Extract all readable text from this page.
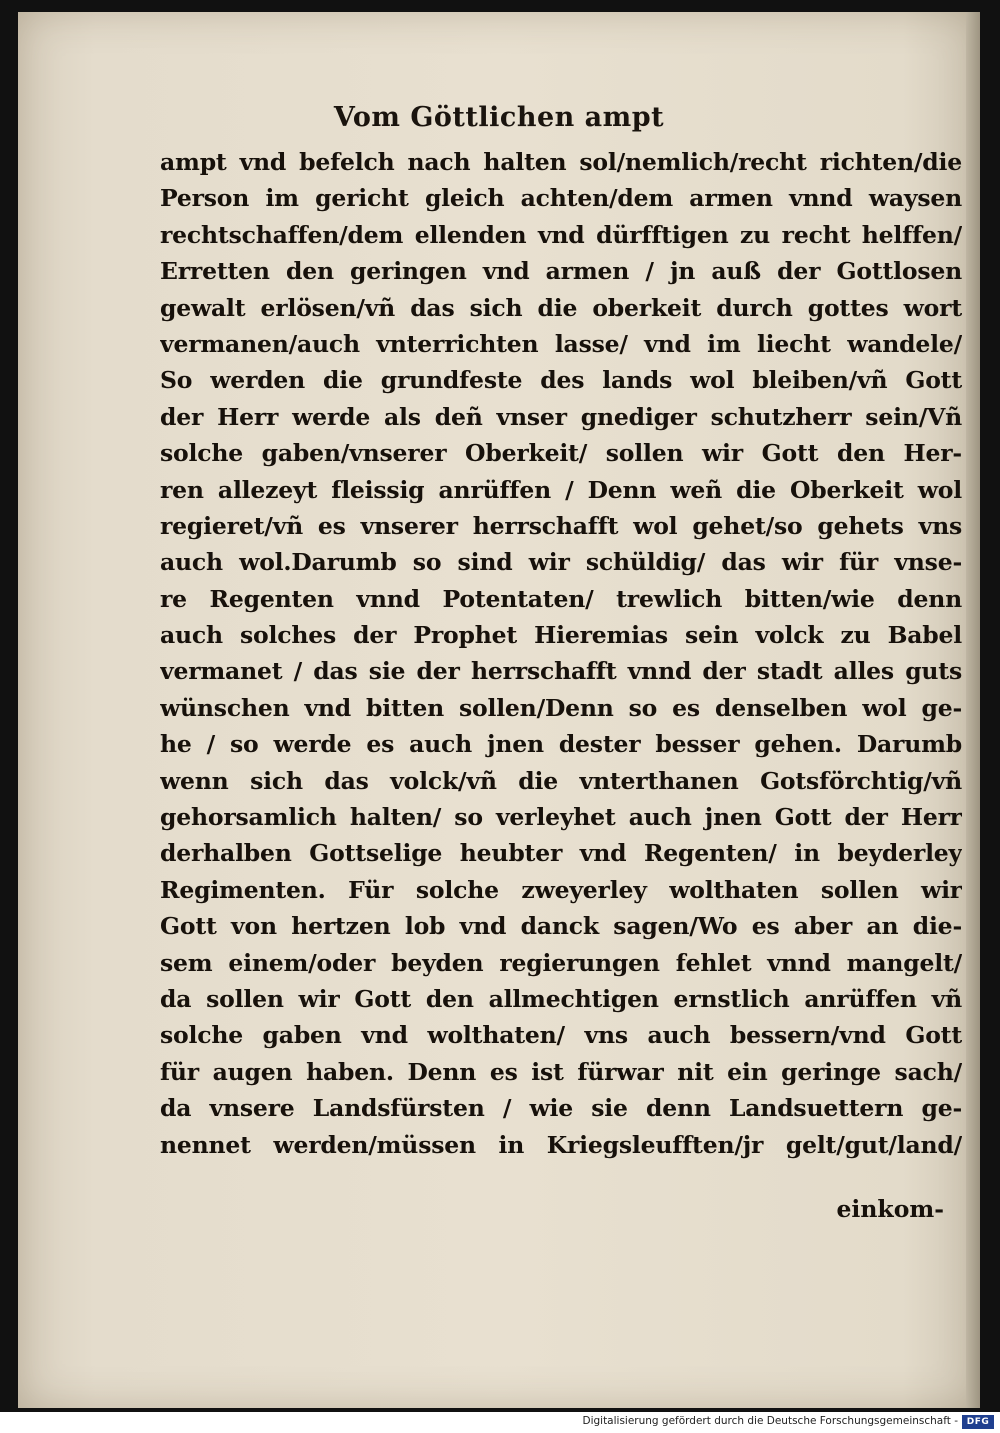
Vom Göttlichen ampt
ampt vnd befelch nach halten sol/nemlich/recht richten/die
Person im gericht gleich achten/dem armen vnnd waysen
rechtschaffen/dem ellenden vnd dürfftigen zu recht helffen/
Erretten den geringen vnd armen / jn auß der Gottlosen
gewalt erlösen/vñ das sich die oberkeit durch gottes wort
vermanen/auch vnterrichten lasse/ vnd im liecht wandele/
So werden die grundfeste des lands wol bleiben/vñ Gott
der Herr werde als deñ vnser gnediger schutzherr sein/Vñ
solche gaben/vnserer Oberkeit/ sollen wir Gott den Her-
ren allezeyt fleissig anrüffen / Denn weñ die Oberkeit wol
regieret/vñ es vnserer herrschafft wol gehet/so gehets vns
auch wol.Darumb so sind wir schüldig/ das wir für vnse-
re Regenten vnnd Potentaten/ trewlich bitten/wie denn
auch solches der Prophet Hieremias sein volck zu Babel
vermanet / das sie der herrschafft vnnd der stadt alles guts
wünschen vnd bitten sollen/Denn so es denselben wol ge-
he / so werde es auch jnen dester besser gehen. Darumb
wenn sich das volck/vñ die vnterthanen Gotsförchtig/vñ
gehorsamlich halten/ so verleyhet auch jnen Gott der Herr
derhalben Gottselige heubter vnd Regenten/ in beyderley
Regimenten. Für solche zweyerley wolthaten sollen wir
Gott von hertzen lob vnd danck sagen/Wo es aber an die-
sem einem/oder beyden regierungen fehlet vnnd mangelt/
da sollen wir Gott den allmechtigen ernstlich anrüffen vñ
solche gaben vnd wolthaten/ vns auch bessern/vnd Gott
für augen haben. Denn es ist fürwar nit ein geringe sach/
da vnsere Landsfürsten / wie sie denn Landsuettern ge-
nennet werden/müssen in Kriegsleufften/jr gelt/gut/land/
einkom-
Digitalisierung gefördert durch die Deutsche Forschungsgemeinschaft - DFG
